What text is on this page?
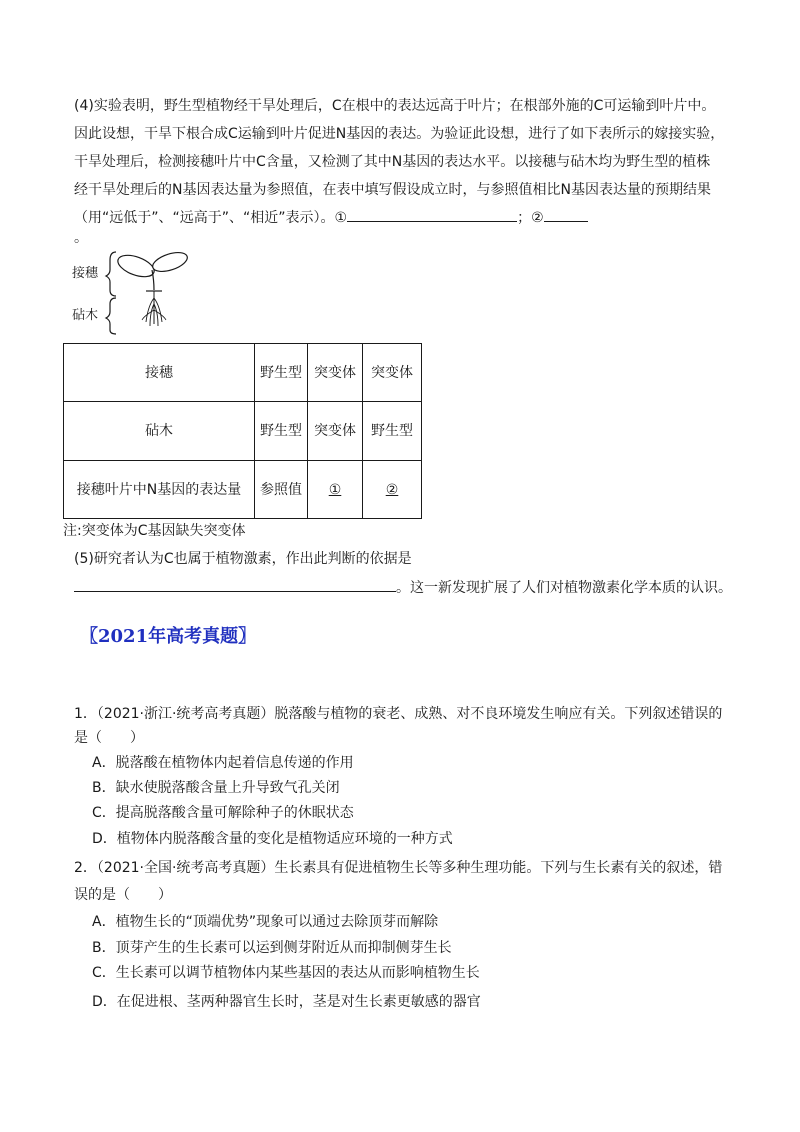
(4)实验表明，野生型植物经干旱处理后，C在根中的表达远高于叶片；在根部外施的C可运输到叶片中。
因此设想，干旱下根合成C运输到叶片促进N基因的表达。为验证此设想，进行了如下表所示的嫁接实验，
干旱处理后，检测接穗叶片中C含量，又检测了其中N基因的表达水平。以接穗与砧木均为野生型的植株
经干旱处理后的N基因表达量为参照值，在表中填写假设成立时，与参照值相比N基因表达量的预期结果
（用“远低于”、“远高于”、“相近”表示）。①	；②
。
接穗
砧木
接穗	野生型	突变体	突变体
砧木	野生型	突变体	野生型
接穗叶片中N基因的表达量	参照值	①	②
注:突变体为C基因缺失突变体
(5)研究者认为C也属于植物激素，作出此判断的依据是
。这一新发现扩展了人们对植物激素化学本质的认识。
〖2021年高考真题〗
1．（2021·浙江·统考高考真题）脱落酸与植物的衰老、成熟、对不良环境发生响应有关。下列叙述错误的
是（　　）
A．脱落酸在植物体内起着信息传递的作用
B．缺水使脱落酸含量上升导致气孔关闭
C．提高脱落酸含量可解除种子的休眠状态
D．植物体内脱落酸含量的变化是植物适应环境的一种方式
2．（2021·全国·统考高考真题）生长素具有促进植物生长等多种生理功能。下列与生长素有关的叙述，错
误的是（　　）
A．植物生长的“顶端优势”现象可以通过去除顶芽而解除
B．顶芽产生的生长素可以运到侧芽附近从而抑制侧芽生长
C．生长素可以调节植物体内某些基因的表达从而影响植物生长
D．在促进根、茎两种器官生长时，茎是对生长素更敏感的器官
